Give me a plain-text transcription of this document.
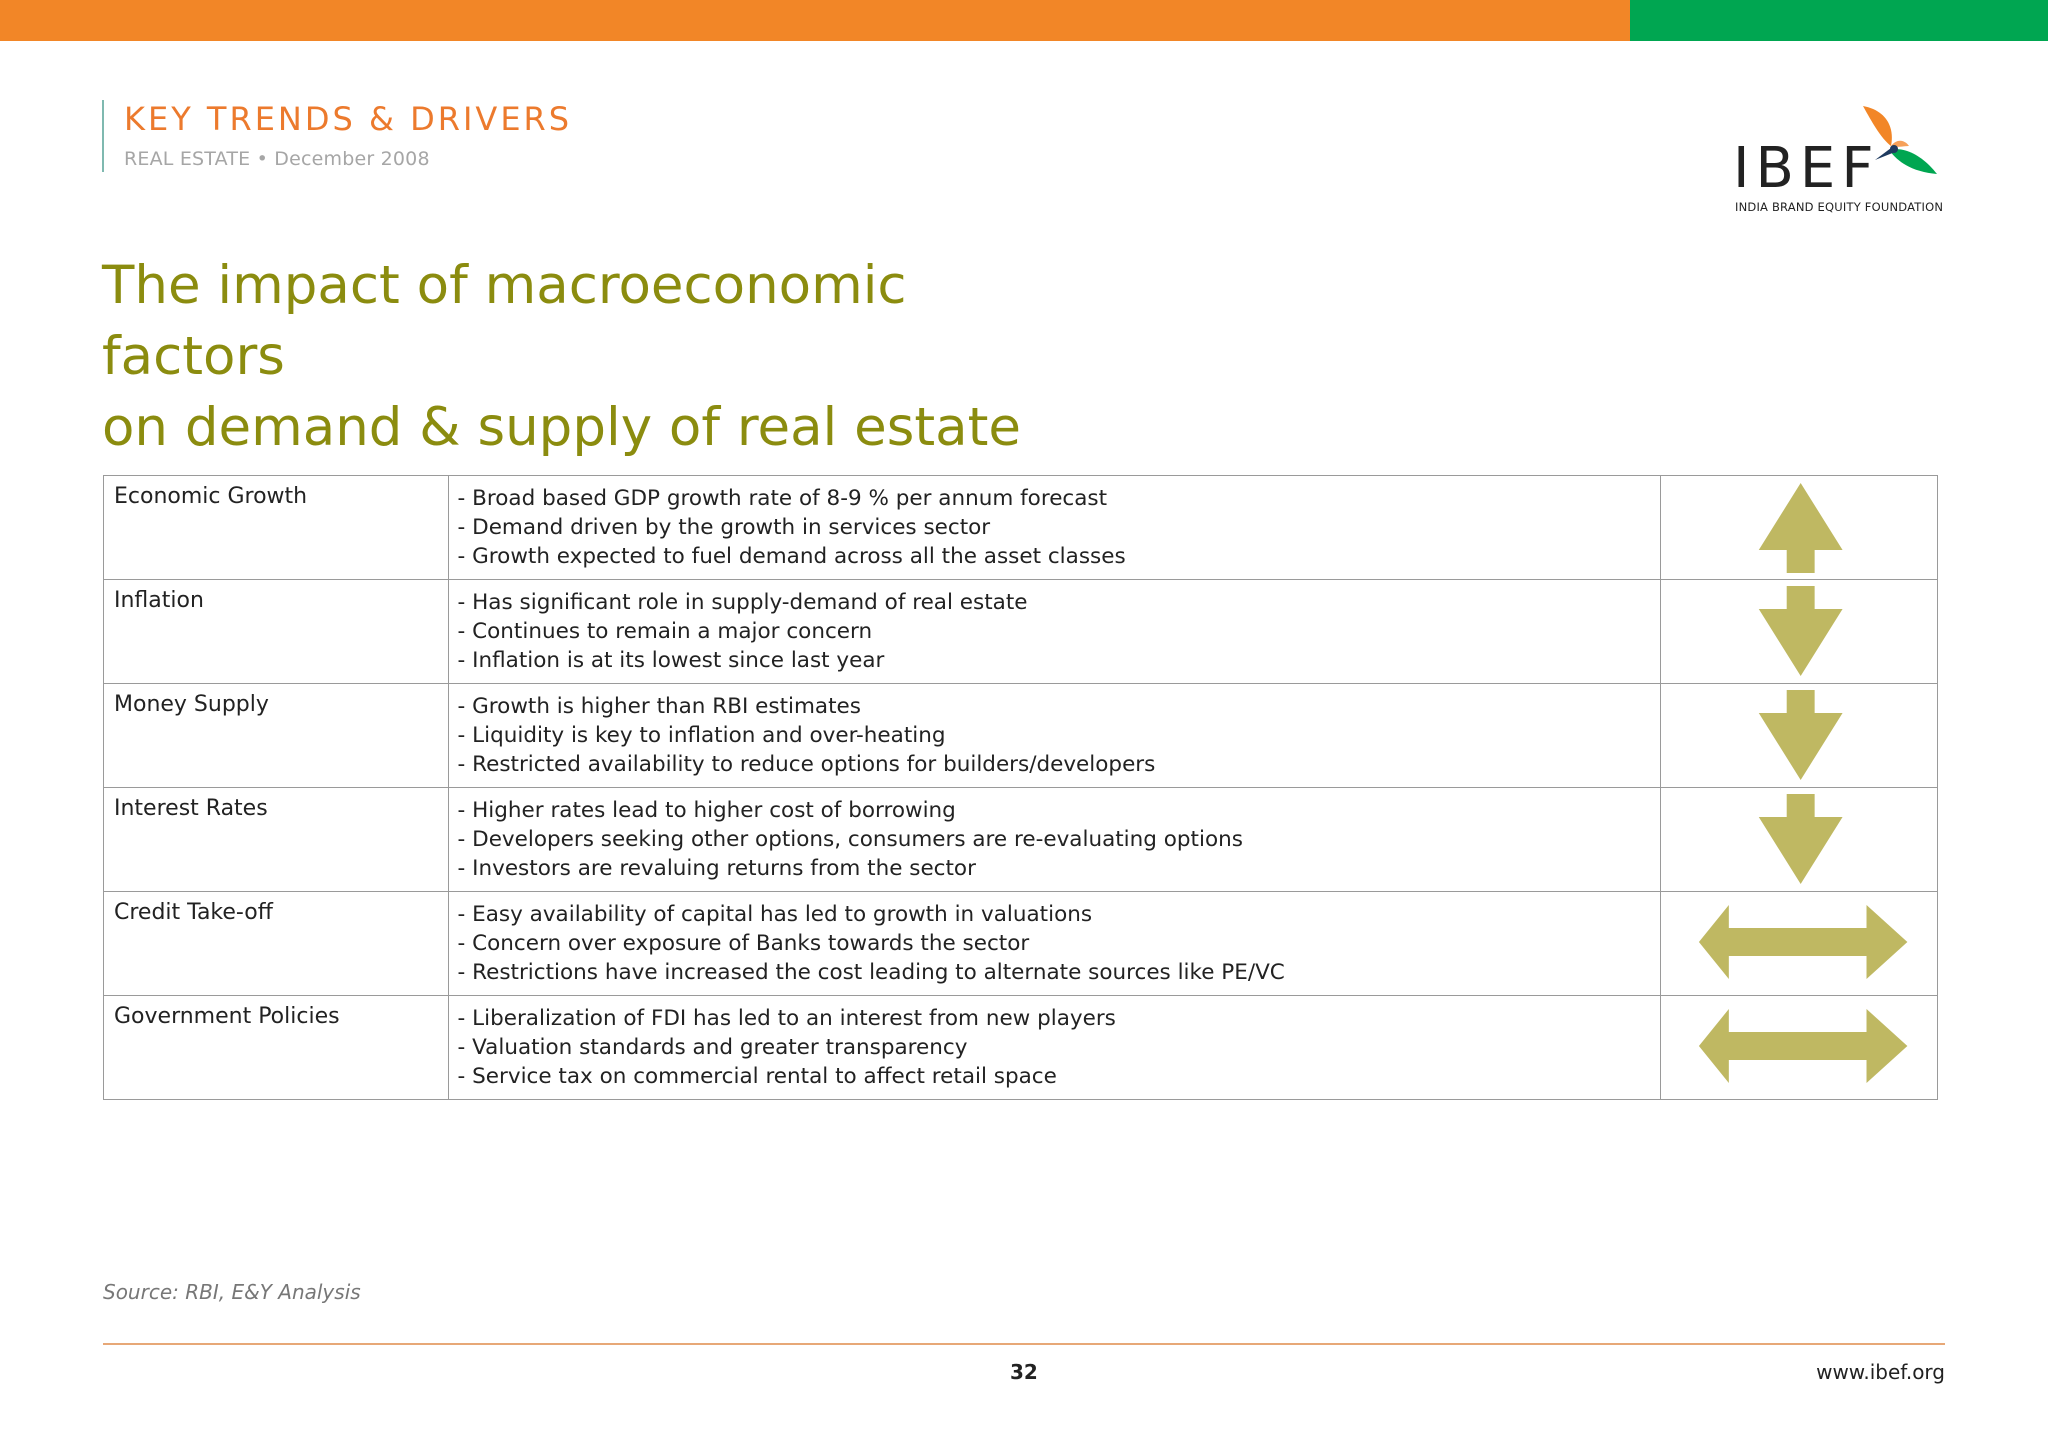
KEY TRENDS & DRIVERS
REAL ESTATE • December 2008	IBEF
INDIA BRAND EQUITY FOUNDATION
The impact of macroeconomic factors
on demand & supply of real estate
Economic Growth	- Broad based GDP growth rate of 8-9 % per annum forecast
- Demand driven by the growth in services sector
- Growth expected to fuel demand across all the asset classes

Inflation	- Has significant role in supply-demand of real estate
- Continues to remain a major concern
- Inflation is at its lowest since last year

Money Supply	- Growth is higher than RBI estimates
- Liquidity is key to inflation and over-heating
- Restricted availability to reduce options for builders/developers

Interest Rates	- Higher rates lead to higher cost of borrowing
- Developers seeking other options, consumers are re-evaluating options
- Investors are revaluing returns from the sector

Credit Take-off	- Easy availability of capital has led to growth in valuations
- Concern over exposure of Banks towards the sector
- Restrictions have increased the cost leading to alternate sources like PE/VC

Government Policies	- Liberalization of FDI has led to an interest from new players
- Valuation standards and greater transparency
- Service tax on commercial rental to affect retail space

Source: RBI, E&Y Analysis
32	www.ibef.org
